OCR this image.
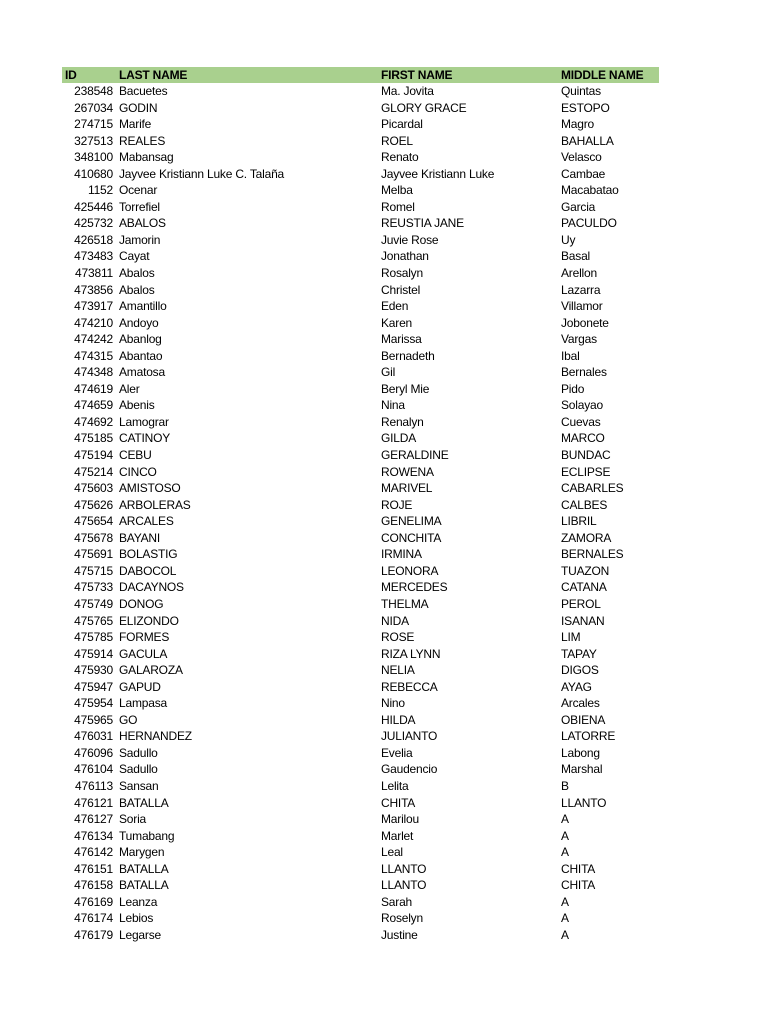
ID	LAST NAME	FIRST NAME	MIDDLE NAME
238548 Bacuetes	Ma. Jovita	Quintas
267034 GODIN	GLORY GRACE	ESTOPO
274715 Marife	Picardal	Magro
327513 REALES	ROEL	BAHALLA
348100 Mabansag	Renato	Velasco
410680 Jayvee Kristiann Luke C. Talaña	Jayvee Kristiann Luke	Cambae
1152 Ocenar	Melba	Macabatao
425446 Torrefiel	Romel	Garcia
425732 ABALOS	REUSTIA JANE	PACULDO
426518 Jamorin	Juvie Rose	Uy
473483 Cayat	Jonathan	Basal
473811 Abalos	Rosalyn	Arellon
473856 Abalos	Christel	Lazarra
473917 Amantillo	Eden	Villamor
474210 Andoyo	Karen	Jobonete
474242 Abanlog	Marissa	Vargas
474315 Abantao	Bernadeth	Ibal
474348 Amatosa	Gil	Bernales
474619 Aler	Beryl Mie	Pido
474659 Abenis	Nina	Solayao
474692 Lamograr	Renalyn	Cuevas
475185 CATINOY	GILDA	MARCO
475194 CEBU	GERALDINE	BUNDAC
475214 CINCO	ROWENA	ECLIPSE
475603 AMISTOSO	MARIVEL	CABARLES
475626 ARBOLERAS	ROJE	CALBES
475654 ARCALES	GENELIMA	LIBRIL
475678 BAYANI	CONCHITA	ZAMORA
475691 BOLASTIG	IRMINA	BERNALES
475715 DABOCOL	LEONORA	TUAZON
475733 DACAYNOS	MERCEDES	CATANA
475749 DONOG	THELMA	PEROL
475765 ELIZONDO	NIDA	ISANAN
475785 FORMES	ROSE	LIM
475914 GACULA	RIZA LYNN	TAPAY
475930 GALAROZA	NELIA	DIGOS
475947 GAPUD	REBECCA	AYAG
475954 Lampasa	Nino	Arcales
475965 GO	HILDA	OBIENA
476031 HERNANDEZ	JULIANTO	LATORRE
476096 Sadullo	Evelia	Labong
476104 Sadullo	Gaudencio	Marshal
476113 Sansan	Lelita	B
476121 BATALLA	CHITA	LLANTO
476127 Soria	Marilou	A
476134 Tumabang	Marlet	A
476142 Marygen	Leal	A
476151 BATALLA	LLANTO	CHITA
476158 BATALLA	LLANTO	CHITA
476169 Leanza	Sarah	A
476174 Lebios	Roselyn	A
476179 Legarse	Justine	A
